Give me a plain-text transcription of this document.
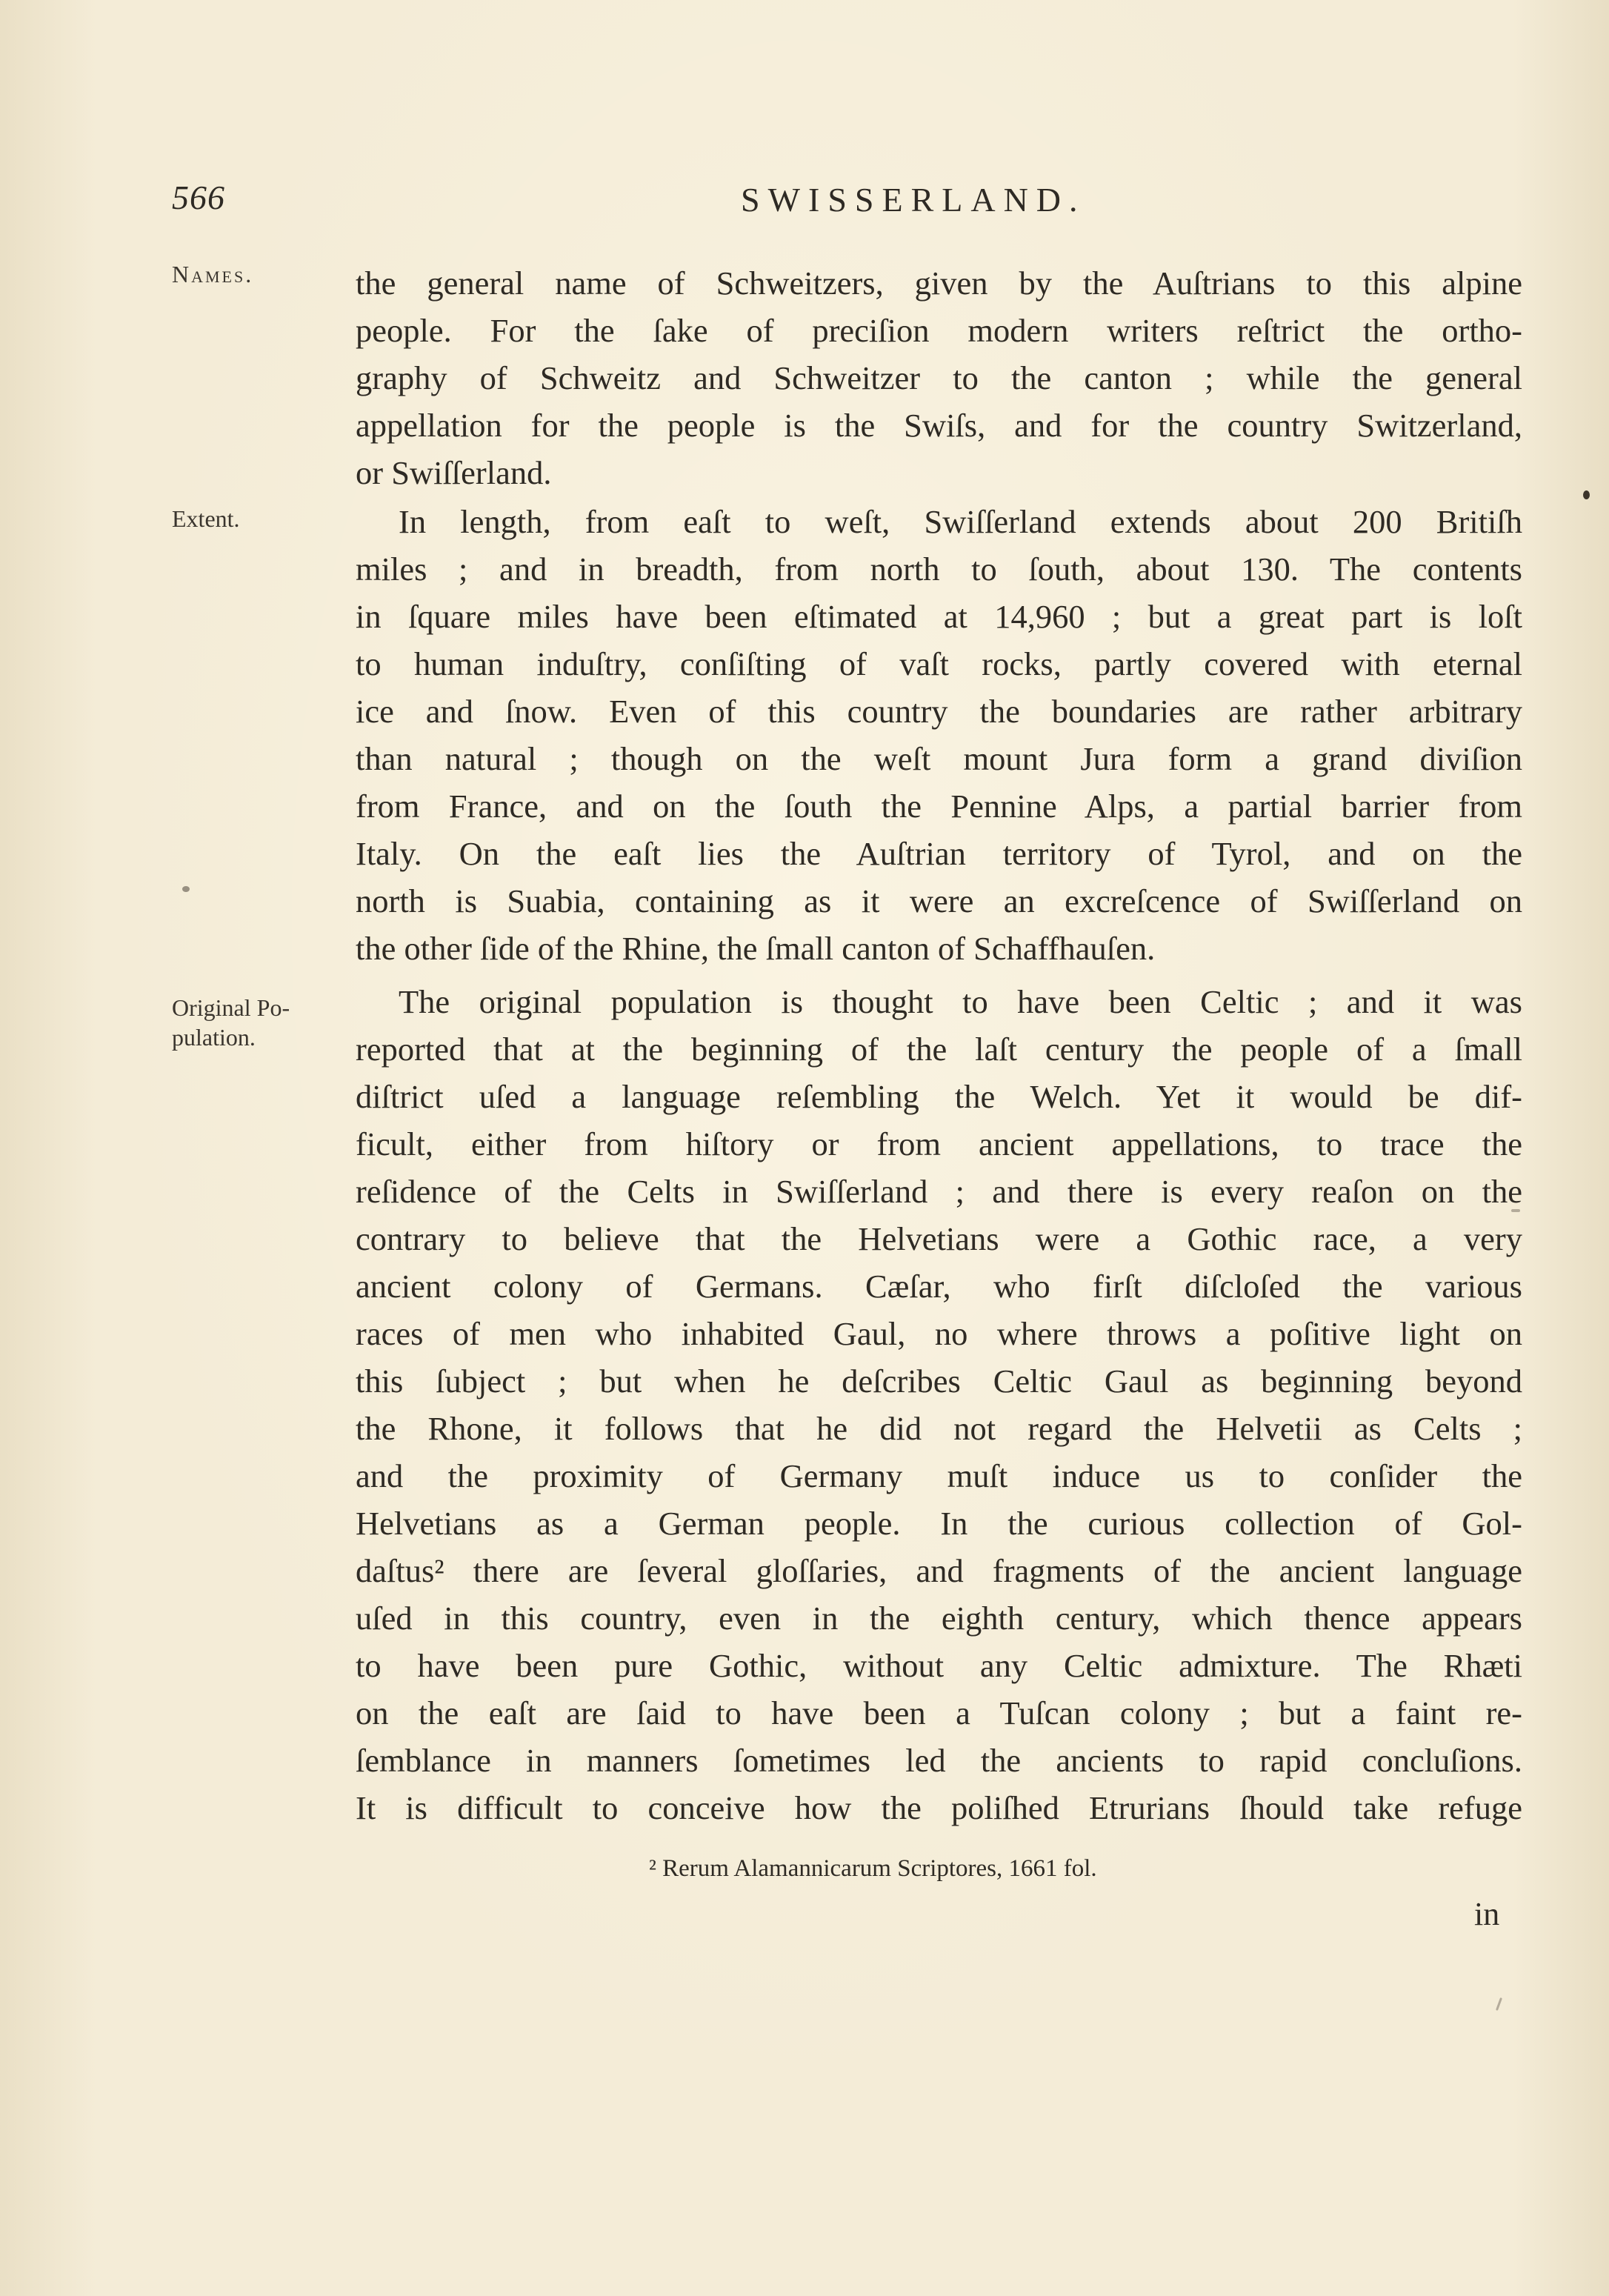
566	SWISSERLAND.
Names.
Extent.
Original Po-
pulation.
the general name of Schweitzers, given by the Auſtrians to this alpine
people. For the ſake of preciſion modern writers reſtrict the ortho-
graphy of Schweitz and Schweitzer to the canton ; while the general
appellation for the people is the Swiſs, and for the country Switzerland,
or Swiſſerland.
In length, from eaſt to weſt, Swiſſerland extends about 200 Britiſh
miles ; and in breadth, from north to ſouth, about 130. The contents
in ſquare miles have been eſtimated at 14,960 ; but a great part is loſt
to human induſtry, conſiſting of vaſt rocks, partly covered with eternal
ice and ſnow. Even of this country the boundaries are rather arbitrary
than natural ; though on the weſt mount Jura form a grand diviſion
from France, and on the ſouth the Pennine Alps, a partial barrier from
Italy. On the eaſt lies the Auſtrian territory of Tyrol, and on the
north is Suabia, containing as it were an excreſcence of Swiſſerland on
the other ſide of the Rhine, the ſmall canton of Schaffhauſen.
The original population is thought to have been Celtic ; and it was
reported that at the beginning of the laſt century the people of a ſmall
diſtrict uſed a language reſembling the Welch. Yet it would be dif-
ficult, either from hiſtory or from ancient appellations, to trace the
reſidence of the Celts in Swiſſerland ; and there is every reaſon on the
contrary to believe that the Helvetians were a Gothic race, a very
ancient colony of Germans. Cæſar, who firſt diſcloſed the various
races of men who inhabited Gaul, no where throws a poſitive light on
this ſubject ; but when he deſcribes Celtic Gaul as beginning beyond
the Rhone, it follows that he did not regard the Helvetii as Celts ;
and the proximity of Germany muſt induce us to conſider the
Helvetians as a German people. In the curious collection of Gol-
daſtus² there are ſeveral gloſſaries, and fragments of the ancient language
uſed in this country, even in the eighth century, which thence appears
to have been pure Gothic, without any Celtic admixture. The Rhæti
on the eaſt are ſaid to have been a Tuſcan colony ; but a faint re-
ſemblance in manners ſometimes led the ancients to rapid concluſions.
It is difficult to conceive how the poliſhed Etrurians ſhould take refuge
² Rerum Alamannicarum Scriptores, 1661 fol.
in
